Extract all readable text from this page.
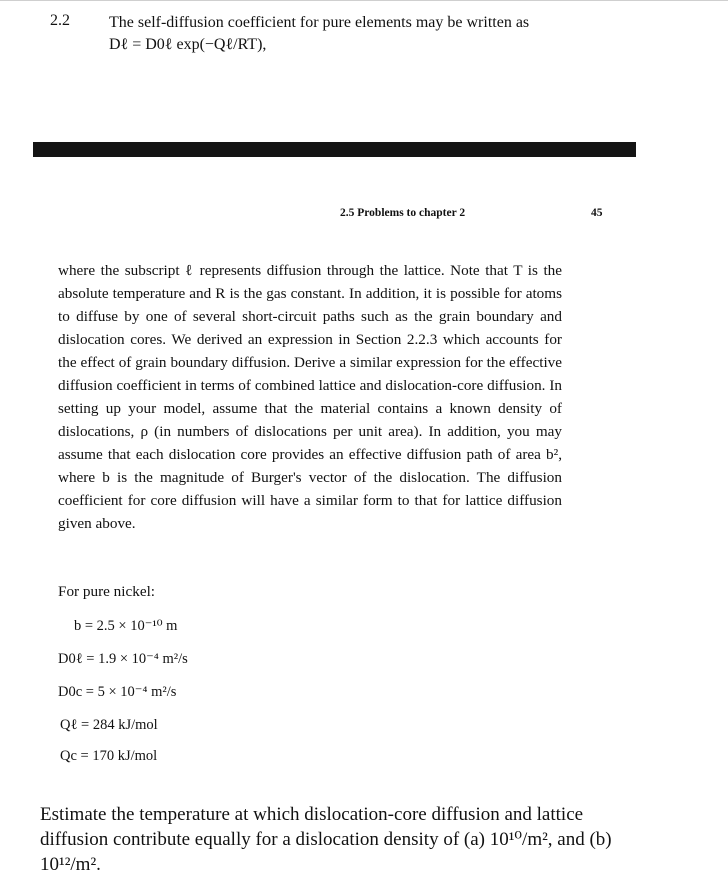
2.2 The self-diffusion coefficient for pure elements may be written as
Dℓ = D0ℓ exp(−Qℓ/RT),
2.5 Problems to chapter 2	45
where the subscript ℓ represents diffusion through the lattice. Note that T is the absolute temperature and R is the gas constant. In addition, it is possible for atoms to diffuse by one of several short-circuit paths such as the grain boundary and dislocation cores. We derived an expression in Section 2.2.3 which accounts for the effect of grain boundary diffusion. Derive a similar expression for the effective diffusion coefficient in terms of combined lattice and dislocation-core diffusion. In setting up your model, assume that the material contains a known density of dislocations, ρ (in numbers of dislocations per unit area). In addition, you may assume that each dislocation core provides an effective diffusion path of area b², where b is the magnitude of Burger's vector of the dislocation. The diffusion coefficient for core diffusion will have a similar form to that for lattice diffusion given above.
For pure nickel:
b = 2.5 × 10⁻¹⁰ m
D0ℓ = 1.9 × 10⁻⁴ m²/s
D0c = 5 × 10⁻⁴ m²/s
Qℓ = 284 kJ/mol
Qc = 170 kJ/mol
Estimate the temperature at which dislocation-core diffusion and lattice diffusion contribute equally for a dislocation density of (a) 10¹⁰/m², and (b) 10¹²/m².
